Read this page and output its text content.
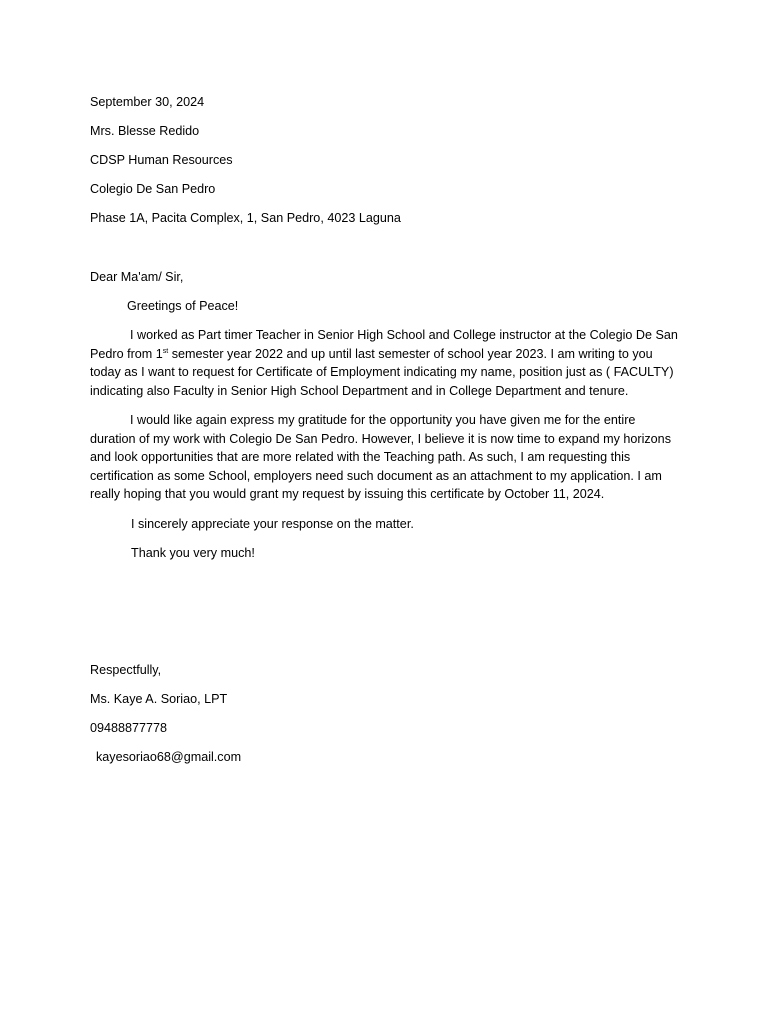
September 30, 2024
Mrs. Blesse Redido
CDSP Human Resources
Colegio De San Pedro
Phase 1A, Pacita Complex, 1, San Pedro, 4023 Laguna
Dear Ma'am/ Sir,
Greetings of Peace!
I worked as Part timer Teacher in Senior High School and College instructor at the Colegio De San
Pedro from 1st semester year 2022 and up until last semester of school year 2023. I am writing to you
today as I want to request for Certificate of Employment indicating my name, position just as ( FACULTY)
indicating also Faculty in Senior High School Department and in College Department and tenure.
I would like again express my gratitude for the opportunity you have given me for the entire
duration of my work with Colegio De San Pedro. However, I believe it is now time to expand my horizons
and look opportunities that are more related with the Teaching path. As such, I am requesting this
certification as some School, employers need such document as an attachment to my application. I am
really hoping that you would grant my request by issuing this certificate by October 11, 2024.
I sincerely appreciate your response on the matter.
Thank you very much!
Respectfully,
Ms. Kaye A. Soriao, LPT
09488877778
kayesoriao68@gmail.com
